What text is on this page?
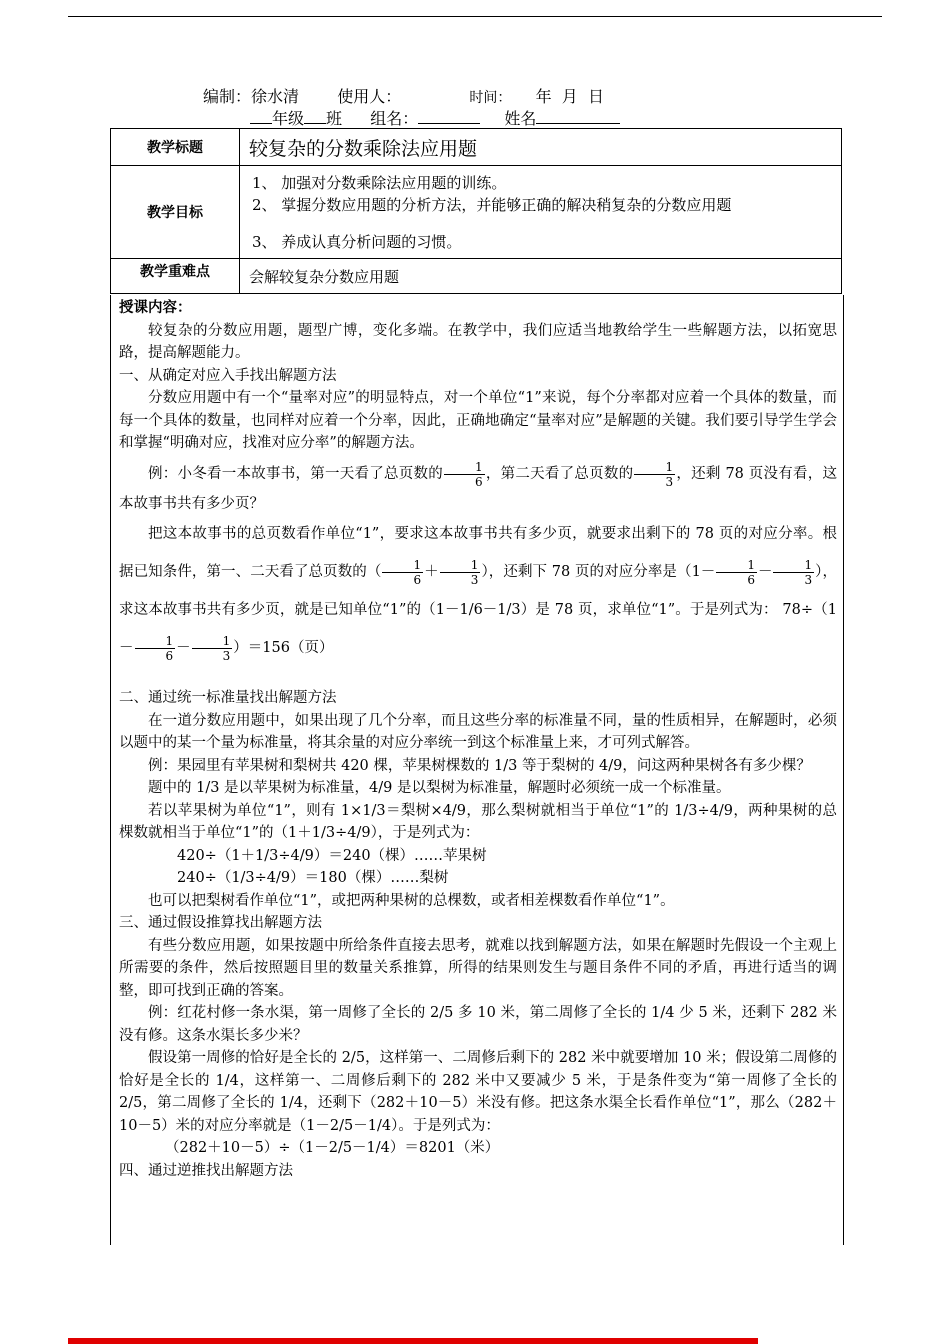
编制：徐水清 使用人：	时间： 年  月  日
年级 班 组名：	姓名
教学标题	较复杂的分数乘除法应用题
教学目标	1、 加强对分数乘除法应用题的训练。
2、 掌握分数应用题的分析方法，并能够正确的解决稍复杂的分数应用题
3、 养成认真分析问题的习惯。

教学重难点	会解较复杂分数应用题

授课内容：

较复杂的分数应用题，题型广博，变化多端。在教学中，我们应适当地教给学生一些解题方法，以拓宽思路，提高解题能力。

一、从确定对应入手找出解题方法

分数应用题中有一个“量率对应”的明显特点，对一个单位“1”来说，每个分率都对应着一个具体的数量，而每一个具体的数量，也同样对应着一个分率，因此，正确地确定“量率对应”是解题的关键。我们要引导学生学会和掌握“明确对应，找准对应分率”的解题方法。

例：小冬看一本故事书，第一天看了总页数的 $\frac{1}{6}$ ，第二天看了总页数的 $\frac{1}{3}$ ，还剩 78 页没有看，这本故事书共有多少页？

把这本故事书的总页数看作单位“1”，要求这本故事书共有多少页，就要求出剩下的 78 页的对应分率。根据已知条件，第一、二天看了总页数的（ $\frac{1}{6} + \frac{1}{3}$ ），还剩下 78 页的对应分率是（$1- \frac{1}{6} - \frac{1}{3}$ ），求这本故事书共有多少页，就是已知单位“1”的（1－1/6－1/3）是 78 页，求单位“1”。于是列式为： $78\div(1- \frac{1}{6} - \frac{1}{3} )=156$（页）

二、通过统一标准量找出解题方法

在一道分数应用题中，如果出现了几个分率，而且这些分率的标准量不同，量的性质相异，在解题时，必须以题中的某一个量为标准量，将其余量的对应分率统一到这个标准量上来，才可列式解答。

例：果园里有苹果树和梨树共 420 棵，苹果树棵数的 1/3 等于梨树的 4/9，问这两种果树各有多少棵？

题中的 1/3 是以苹果树为标准量，4/9 是以梨树为标准量，解题时必须统一成一个标准量。

若以苹果树为单位“1”，则有 1×1/3＝梨树×4/9，那么梨树就相当于单位“1”的 1/3÷4/9，两种果树的总棵数就相当于单位“1”的（1＋1/3÷4/9），于是列式为：

420÷（1＋1/3÷4/9）＝240（棵）……苹果树

240÷（1/3÷4/9）＝180（棵）……梨树

也可以把梨树看作单位“1”，或把两种果树的总棵数，或者相差棵数看作单位“1”。

三、通过假设推算找出解题方法

有些分数应用题，如果按题中所给条件直接去思考，就难以找到解题方法，如果在解题时先假设一个主观上所需要的条件，然后按照题目里的数量关系推算，所得的结果则发生与题目条件不同的矛盾，再进行适当的调整，即可找到正确的答案。

例：红花村修一条水渠，第一周修了全长的 2/5 多 10 米，第二周修了全长的 1/4 少 5 米，还剩下 282 米没有修。这条水渠长多少米？

假设第一周修的恰好是全长的 2/5，这样第一、二周修后剩下的 282 米中就要增加 10 米；假设第二周修的恰好是全长的 1/4，这样第一、二周修后剩下的 282 米中又要减少 5 米，于是条件变为“第一周修了全长的 2/5，第二周修了全长的 1/4，还剩下（282＋10－5）米没有修。把这条水渠全长看作单位“1”，那么（282＋10－5）米的对应分率就是（1－2/5－1/4）。于是列式为：

（282＋10－5）÷（1－2/5－1/4）＝8201（米）

四、通过逆推找出解题方法
